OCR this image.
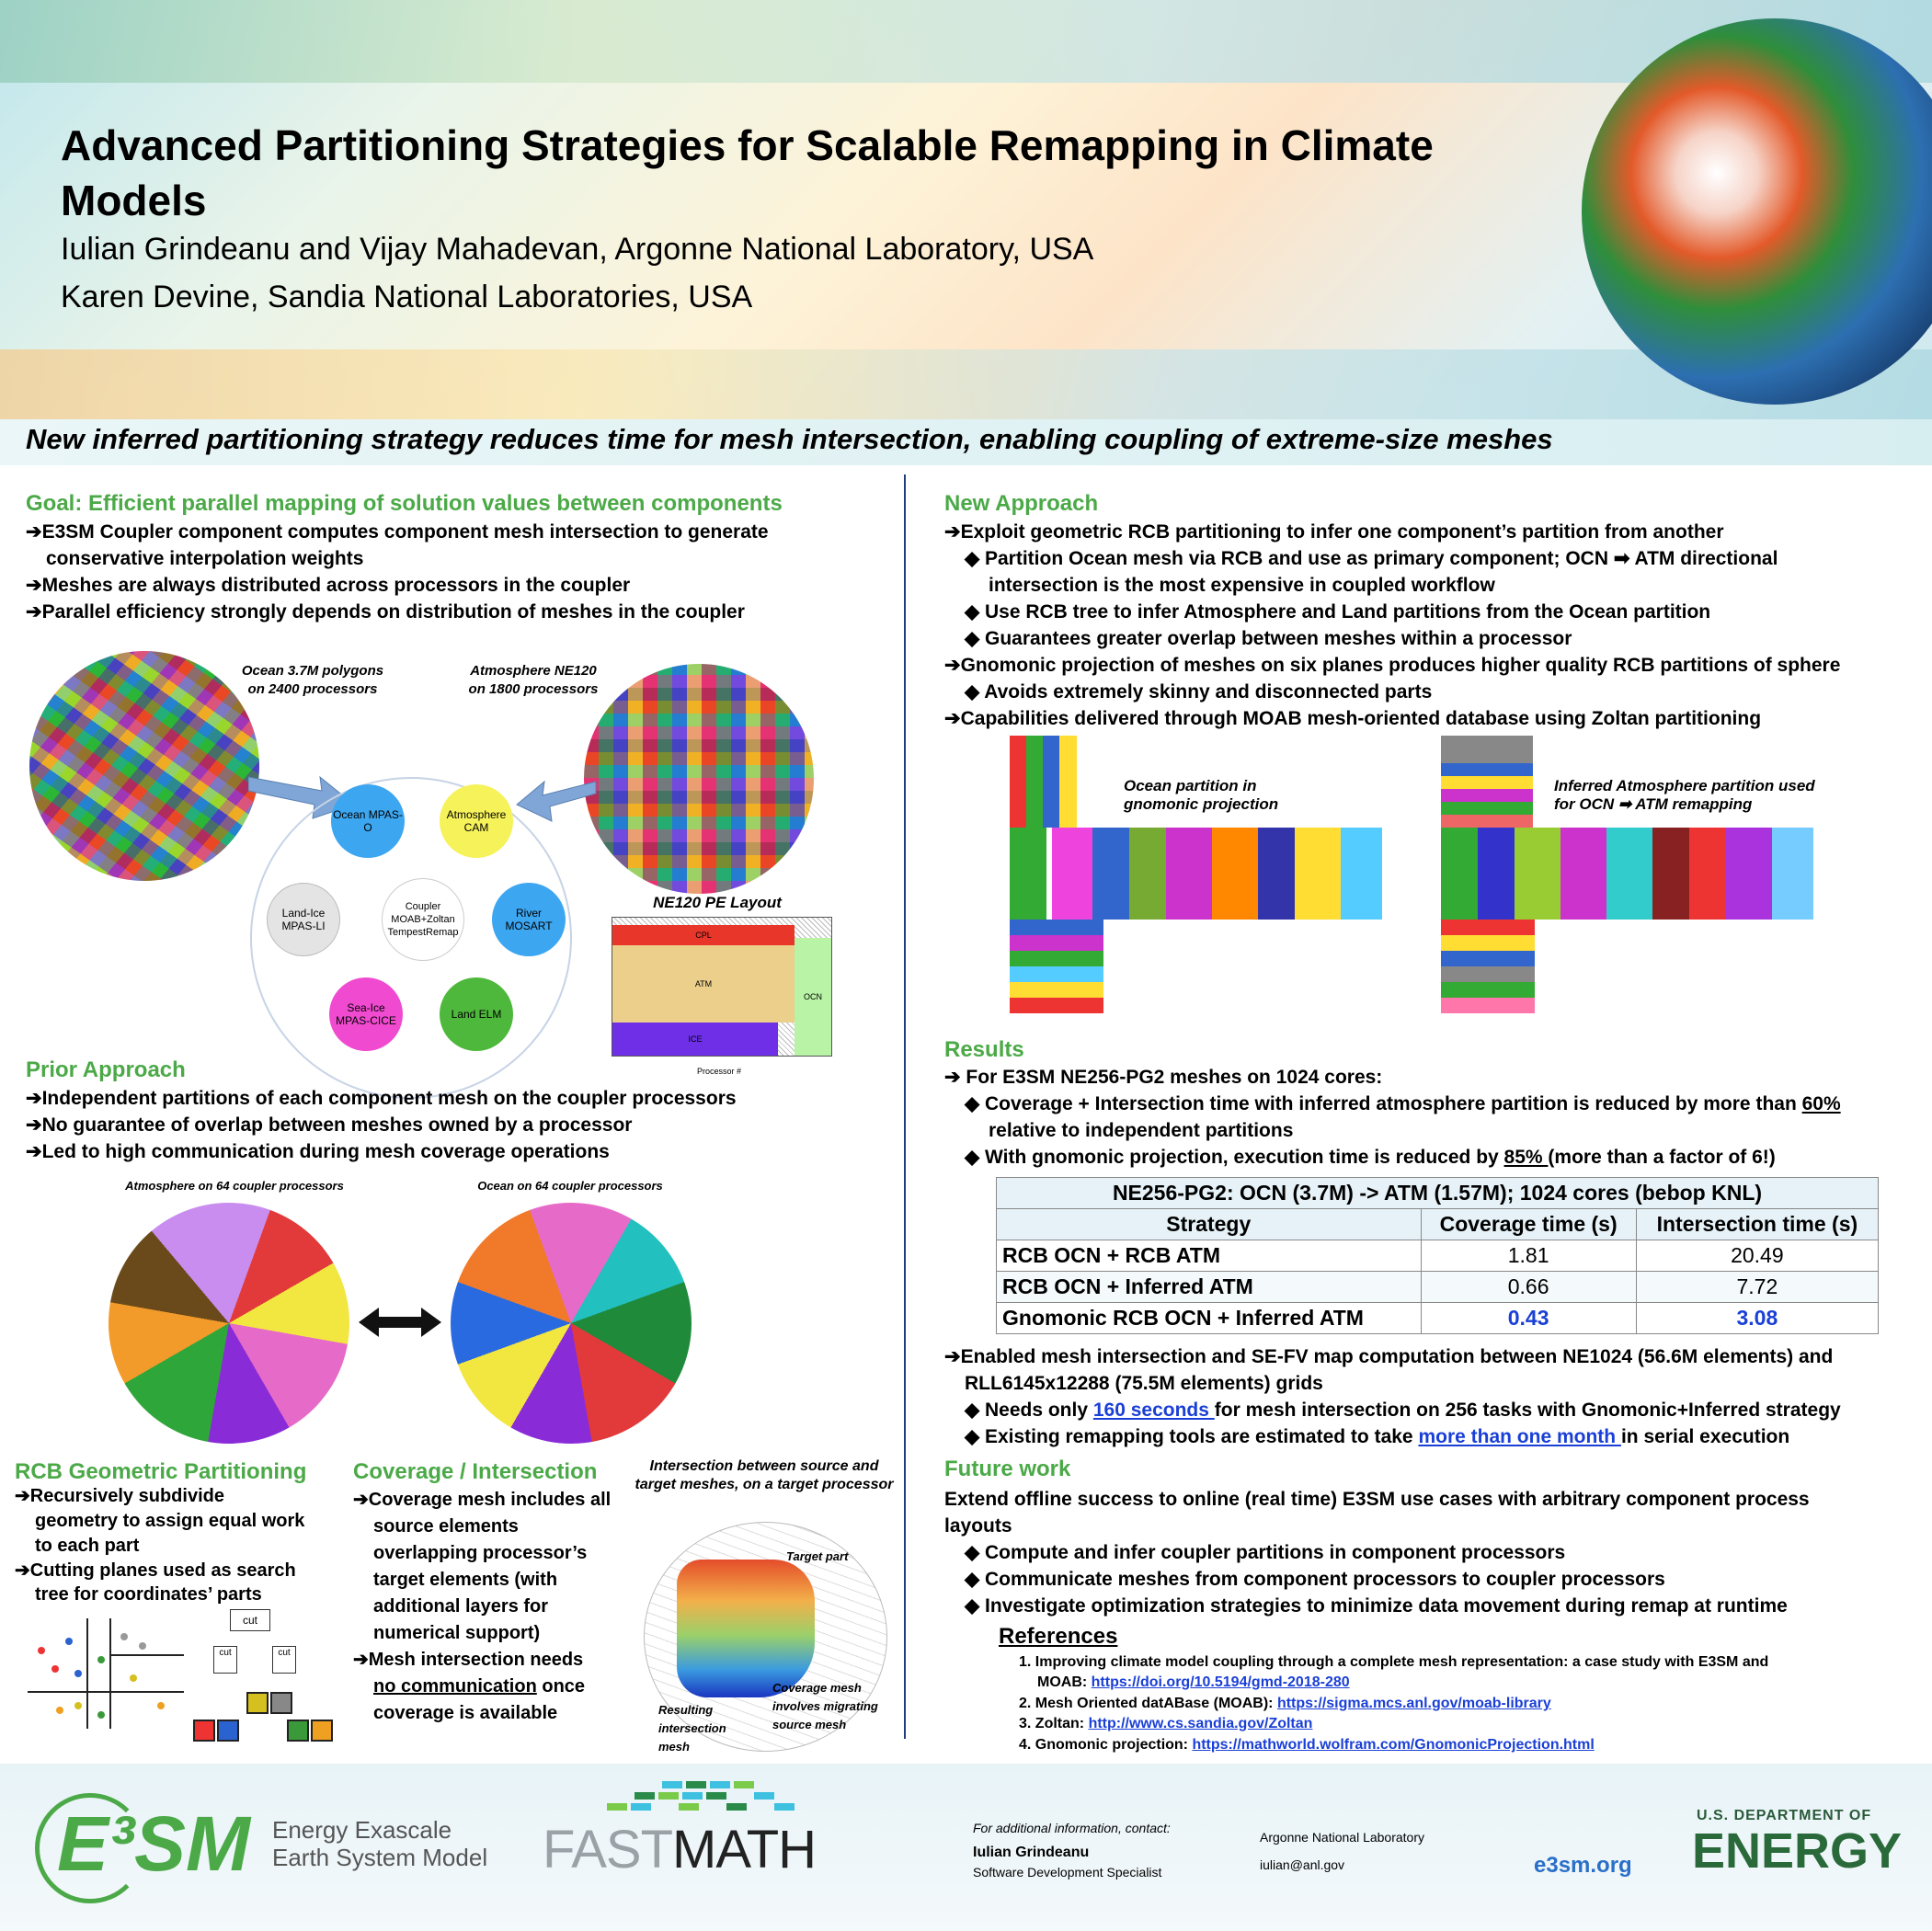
Advanced Partitioning Strategies for Scalable Remapping in Climate Models
Iulian Grindeanu and Vijay Mahadevan, Argonne National Laboratory, USA
Karen Devine, Sandia National Laboratories, USA
New inferred partitioning strategy reduces time for mesh intersection, enabling coupling of extreme-size meshes
Goal: Efficient parallel mapping of solution values between components
➔E3SM Coupler component computes component mesh intersection to generate
conservative interpolation weights
➔Meshes are always distributed across processors in the coupler
➔Parallel efficiency strongly depends on distribution of meshes in the coupler
Ocean 3.7M polygons
on 2400 processors
Atmosphere NE120
on 1800 processors
Ocean MPAS-O
Atmosphere CAM
Land-Ice MPAS-LI
Coupler MOAB+Zoltan TempestRemap
River MOSART
Sea-Ice MPAS-CICE	Land ELM
NE120 PE Layout
CPL
ATM
ICE
OCN
Processor #
Prior Approach
➔Independent partitions of each component mesh on the coupler processors
➔No guarantee of overlap between meshes owned by a processor
➔Led to high communication during mesh coverage operations
Atmosphere on 64 coupler processors	Ocean on 64 coupler processors
RCB Geometric Partitioning
➔Recursively subdivide
geometry to assign equal work
to each part
➔Cutting planes used as search
tree for coordinates’ parts
cut
cut	cut
Coverage / Intersection
➔Coverage mesh includes all
source elements
overlapping processor’s
target elements (with
additional layers for
numerical support)
➔Mesh intersection needs
no communication once
coverage is available
Intersection between source and target meshes, on a target processor
Target part
Resulting intersection mesh
Coverage mesh involves migrating source mesh
New Approach
➔Exploit geometric RCB partitioning to infer one component’s partition from another
◆ Partition Ocean mesh via RCB and use as primary component; OCN ➡ ATM directional
intersection is the most expensive in coupled workflow
◆ Use RCB tree to infer Atmosphere and Land partitions from the Ocean partition
◆ Guarantees greater overlap between meshes within a processor
➔Gnomonic projection of meshes on six planes produces higher quality RCB partitions of sphere
◆ Avoids extremely skinny and disconnected parts
➔Capabilities delivered through MOAB mesh-oriented database using Zoltan partitioning
Ocean partition in gnomonic projection
Inferred Atmosphere partition used for OCN ➡ ATM remapping
Results
➔ For E3SM NE256-PG2 meshes on 1024 cores:
◆ Coverage + Intersection time with inferred atmosphere partition is reduced by more than 60%
relative to independent partitions
◆ With gnomonic projection, execution time is reduced by 85% (more than a factor of 6!)
NE256-PG2: OCN (3.7M) -> ATM (1.57M); 1024 cores (bebop KNL)		
Strategy	Coverage time (s)	Intersection time (s)
RCB OCN + RCB ATM	1.81	20.49
RCB OCN + Inferred ATM	0.66	7.72
Gnomonic RCB OCN + Inferred ATM	0.43	3.08
➔Enabled mesh intersection and SE-FV map computation between NE1024 (56.6M elements) and
RLL6145x12288 (75.5M elements) grids
◆ Needs only 160 seconds for mesh intersection on 256 tasks with Gnomonic+Inferred strategy
◆ Existing remapping tools are estimated to take more than one month in serial execution
Future work
Extend offline success to online (real time) E3SM use cases with arbitrary component process
layouts
◆ Compute and infer coupler partitions in component processors
◆ Communicate meshes from component processors to coupler processors
◆ Investigate optimization strategies to minimize data movement during remap at runtime
References
1. Improving climate model coupling through a complete mesh representation: a case study with E3SM and
MOAB: https://doi.org/10.5194/gmd-2018-280
2. Mesh Oriented datABase (MOAB): https://sigma.mcs.anl.gov/moab-library
3. Zoltan: http://www.cs.sandia.gov/Zoltan
4. Gnomonic projection: https://mathworld.wolfram.com/GnomonicProjection.html
E³SM Energy Exascale
Earth System Model FASTMATH	For additional information, contact:
Iulian Grindeanu
Software Development Specialist
Argonne National Laboratory
iulian@anl.gov	e3sm.org
U.S. DEPARTMENT OF
ENERGY
